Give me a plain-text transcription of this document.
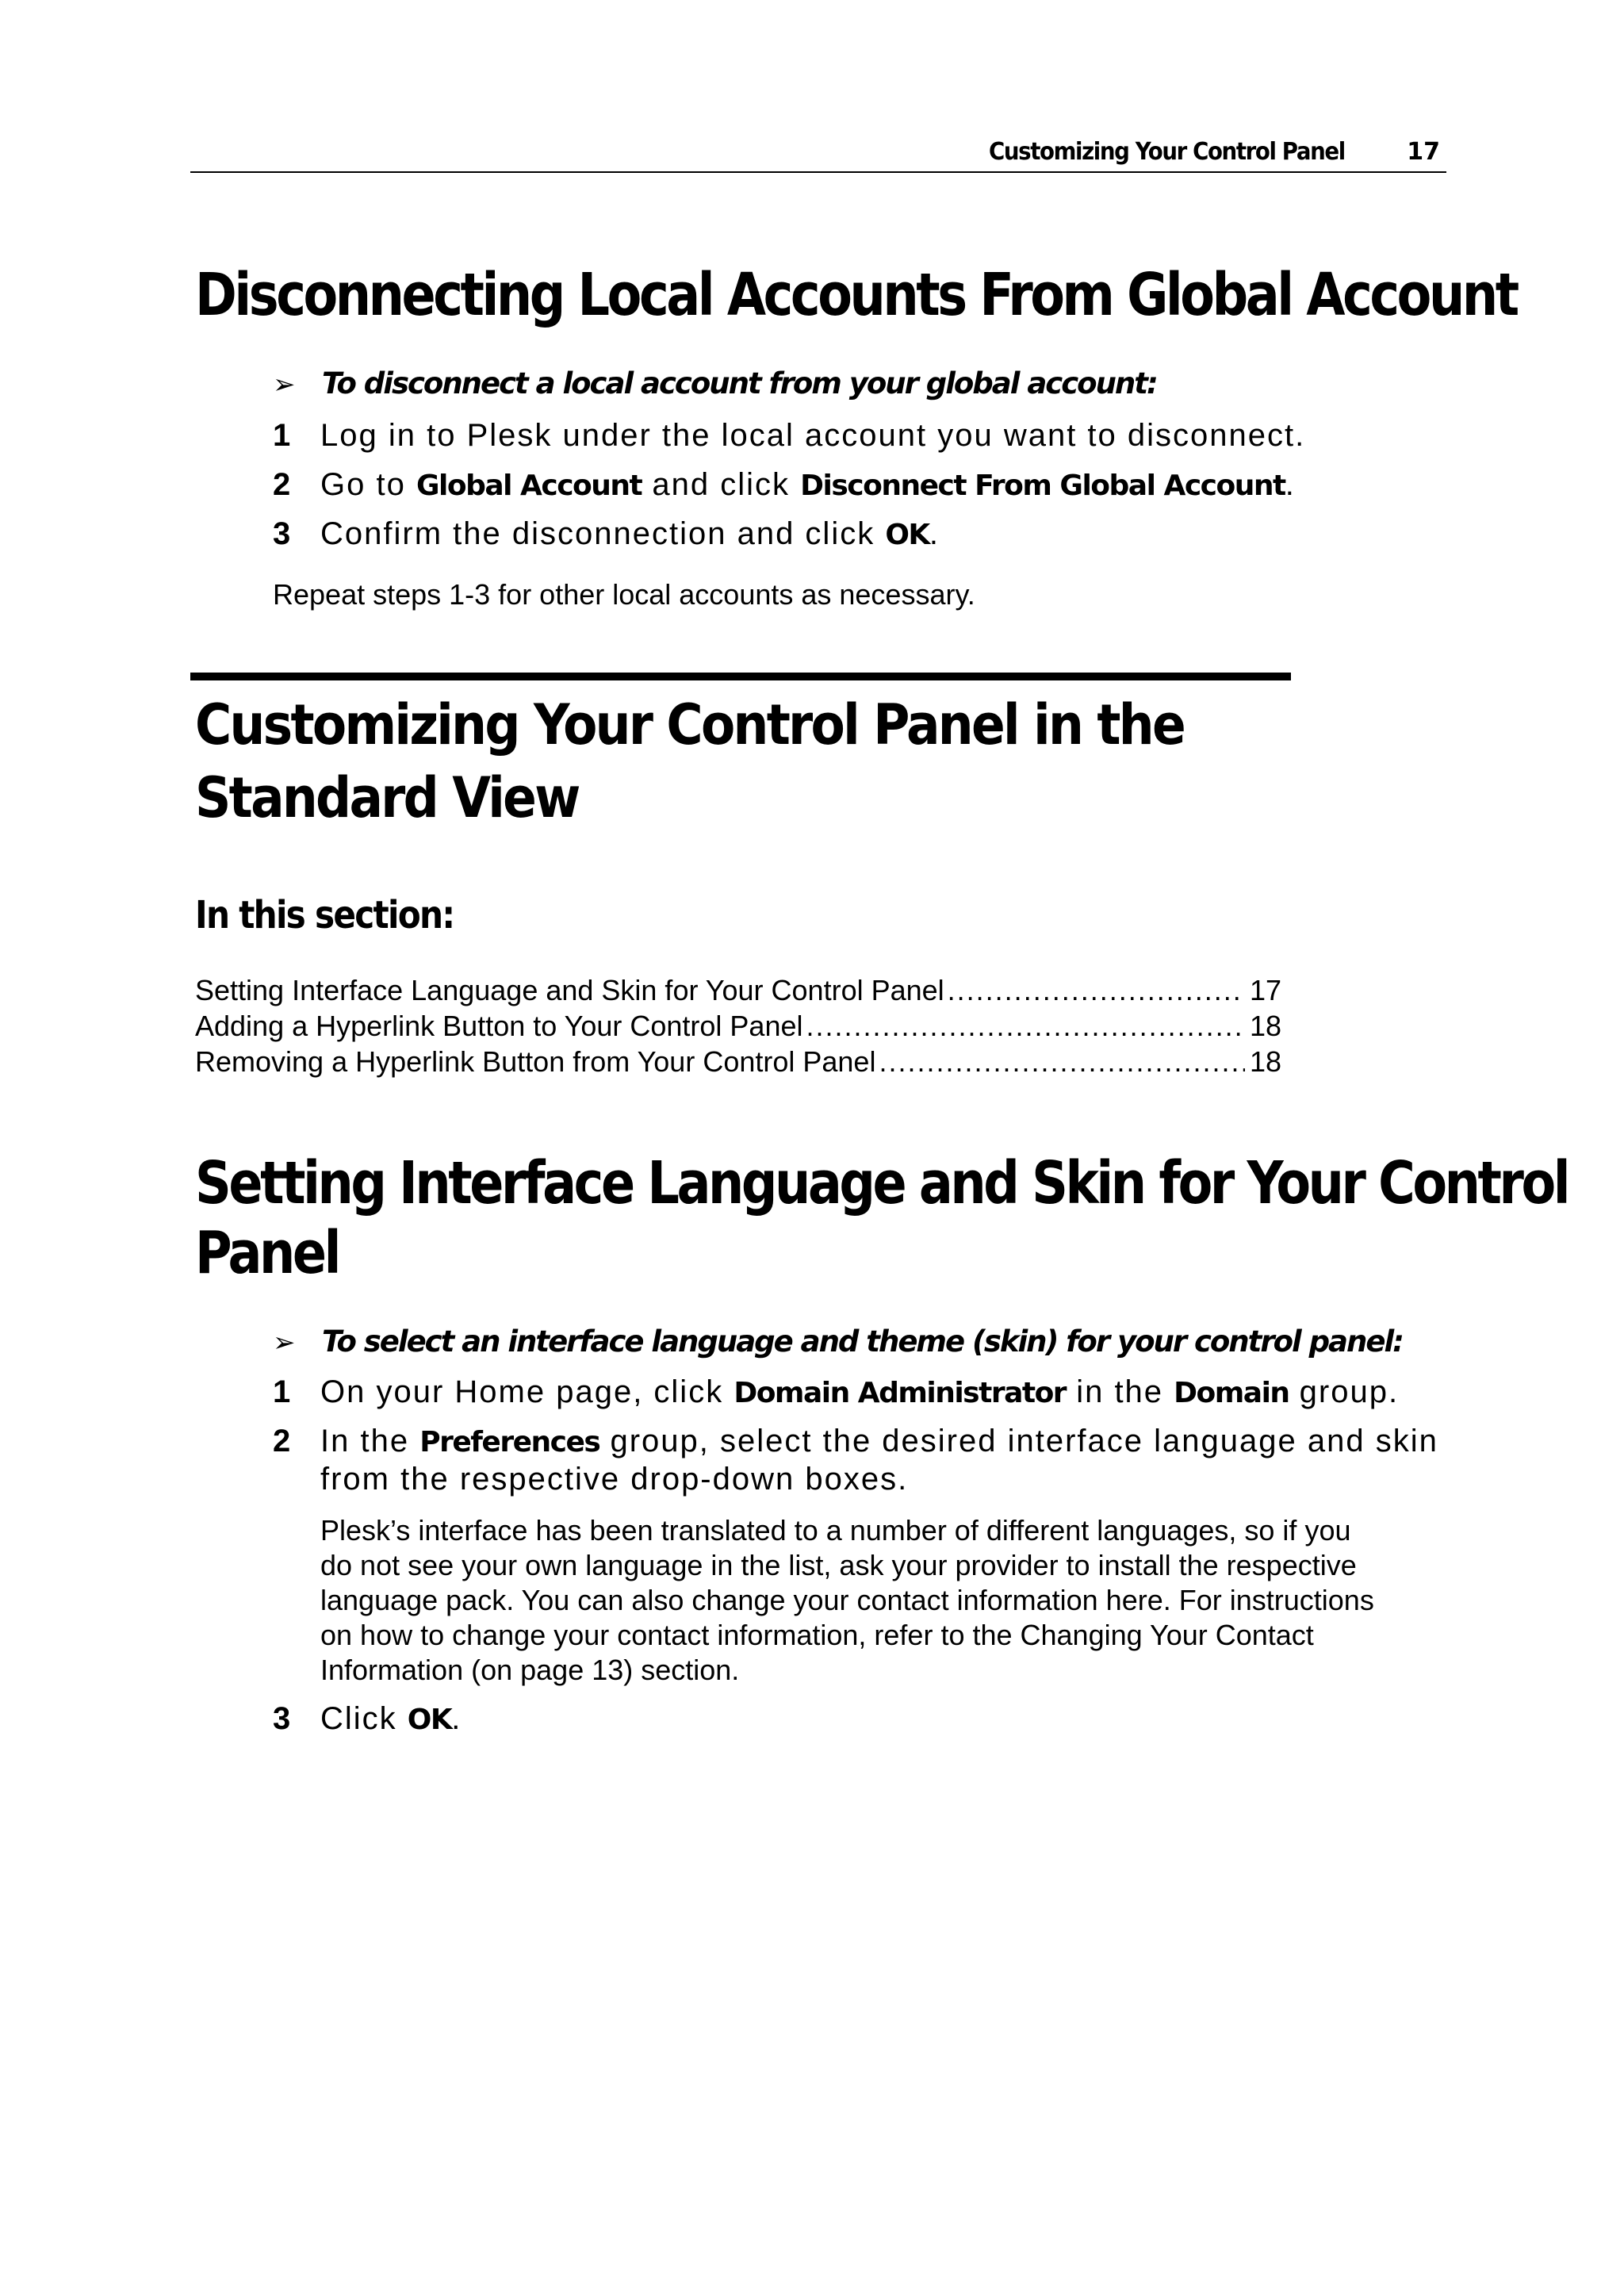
Customizing Your Control Panel	17
Disconnecting Local Accounts From Global Account
➢ To disconnect a local account from your global account:
1 Log in to Plesk under the local account you want to disconnect.
2 Go to Global Account and click Disconnect From Global Account.
3 Confirm the disconnection and click OK.
Repeat steps 1-3 for other local accounts as necessary.
Customizing Your Control Panel in the
Standard View
In this section:
Setting Interface Language and Skin for Your Control Panel .....	17
Adding a Hyperlink Button to Your Control Panel .....	18
Removing a Hyperlink Button from Your Control Panel .....	18
Setting Interface Language and Skin for Your Control
Panel
➢ To select an interface language and theme (skin) for your control panel:
1 On your Home page, click Domain Administrator in the Domain group.
2 In the Preferences group, select the desired interface language and skin
from the respective drop-down boxes.
Plesk’s interface has been translated to a number of different languages, so if you
do not see your own language in the list, ask your provider to install the respective
language pack. You can also change your contact information here. For instructions
on how to change your contact information, refer to the Changing Your Contact
Information (on page 13) section.
3 Click OK.
